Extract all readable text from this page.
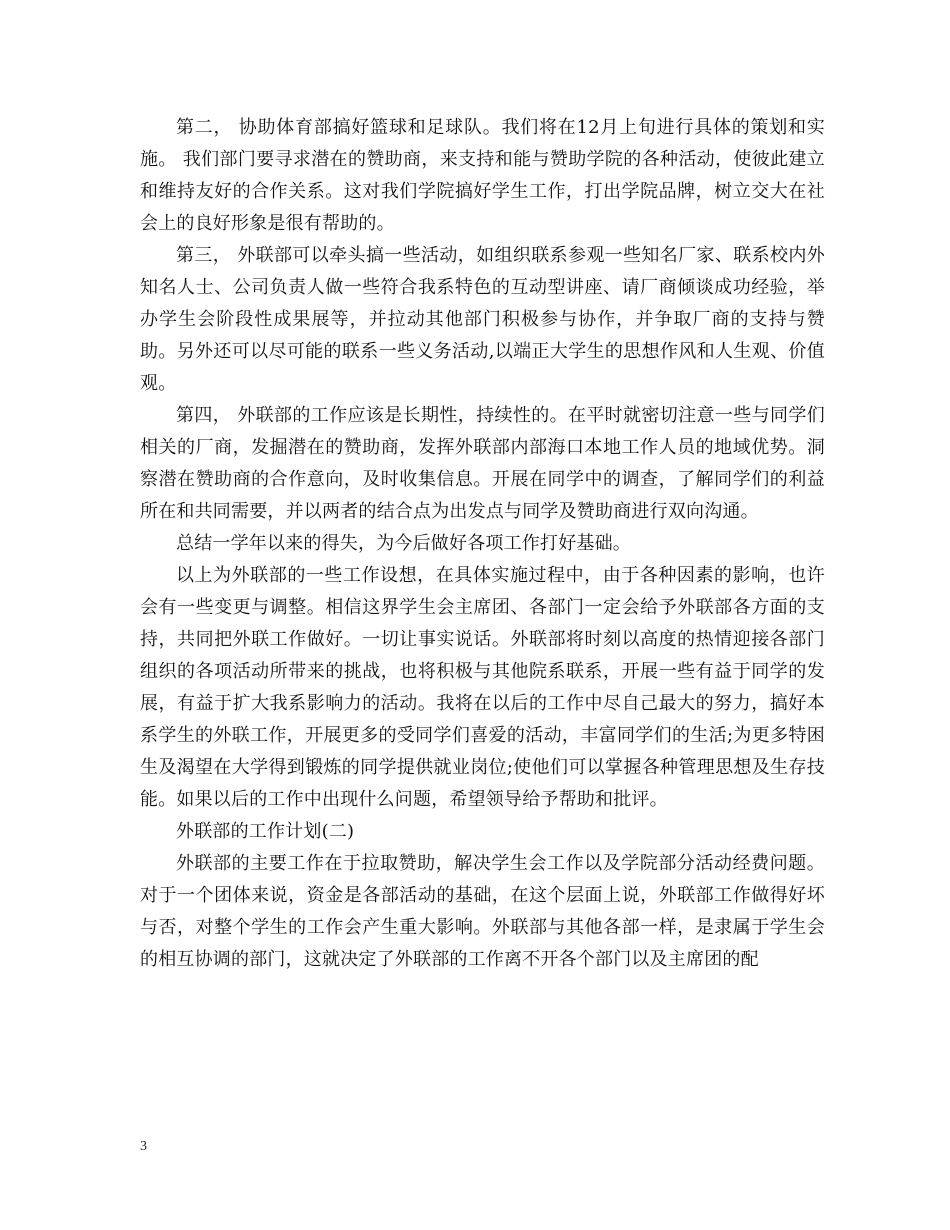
第二， 协助体育部搞好篮球和足球队。我们将在12月上旬进行具体的策划和实施。 我们部门要寻求潜在的赞助商，来支持和能与赞助学院的各种活动，使彼此建立和维持友好的合作关系。这对我们学院搞好学生工作，打出学院品牌，树立交大在社会上的良好形象是很有帮助的。

第三， 外联部可以牵头搞一些活动，如组织联系参观一些知名厂家、联系校内外知名人士、公司负责人做一些符合我系特色的互动型讲座、请厂商倾谈成功经验，举办学生会阶段性成果展等，并拉动其他部门积极参与协作，并争取厂商的支持与赞助。另外还可以尽可能的联系一些义务活动,以端正大学生的思想作风和人生观、价值观。

第四， 外联部的工作应该是长期性，持续性的。在平时就密切注意一些与同学们相关的厂商，发掘潜在的赞助商，发挥外联部内部海口本地工作人员的地域优势。洞察潜在赞助商的合作意向，及时收集信息。开展在同学中的调查，了解同学们的利益所在和共同需要，并以两者的结合点为出发点与同学及赞助商进行双向沟通。

总结一学年以来的得失，为今后做好各项工作打好基础。

以上为外联部的一些工作设想，在具体实施过程中，由于各种因素的影响，也许会有一些变更与调整。相信这界学生会主席团、各部门一定会给予外联部各方面的支持，共同把外联工作做好。一切让事实说话。外联部将时刻以高度的热情迎接各部门组织的各项活动所带来的挑战，也将积极与其他院系联系，开展一些有益于同学的发展，有益于扩大我系影响力的活动。我将在以后的工作中尽自己最大的努力，搞好本系学生的外联工作，开展更多的受同学们喜爱的活动，丰富同学们的生活;为更多特困生及渴望在大学得到锻炼的同学提供就业岗位;使他们可以掌握各种管理思想及生存技能。如果以后的工作中出现什么问题，希望领导给予帮助和批评。

外联部的工作计划(二)

外联部的主要工作在于拉取赞助，解决学生会工作以及学院部分活动经费问题。对于一个团体来说，资金是各部活动的基础，在这个层面上说，外联部工作做得好坏与否，对整个学生的工作会产生重大影响。外联部与其他各部一样，是隶属于学生会的相互协调的部门，这就决定了外联部的工作离不开各个部门以及主席团的配

3
